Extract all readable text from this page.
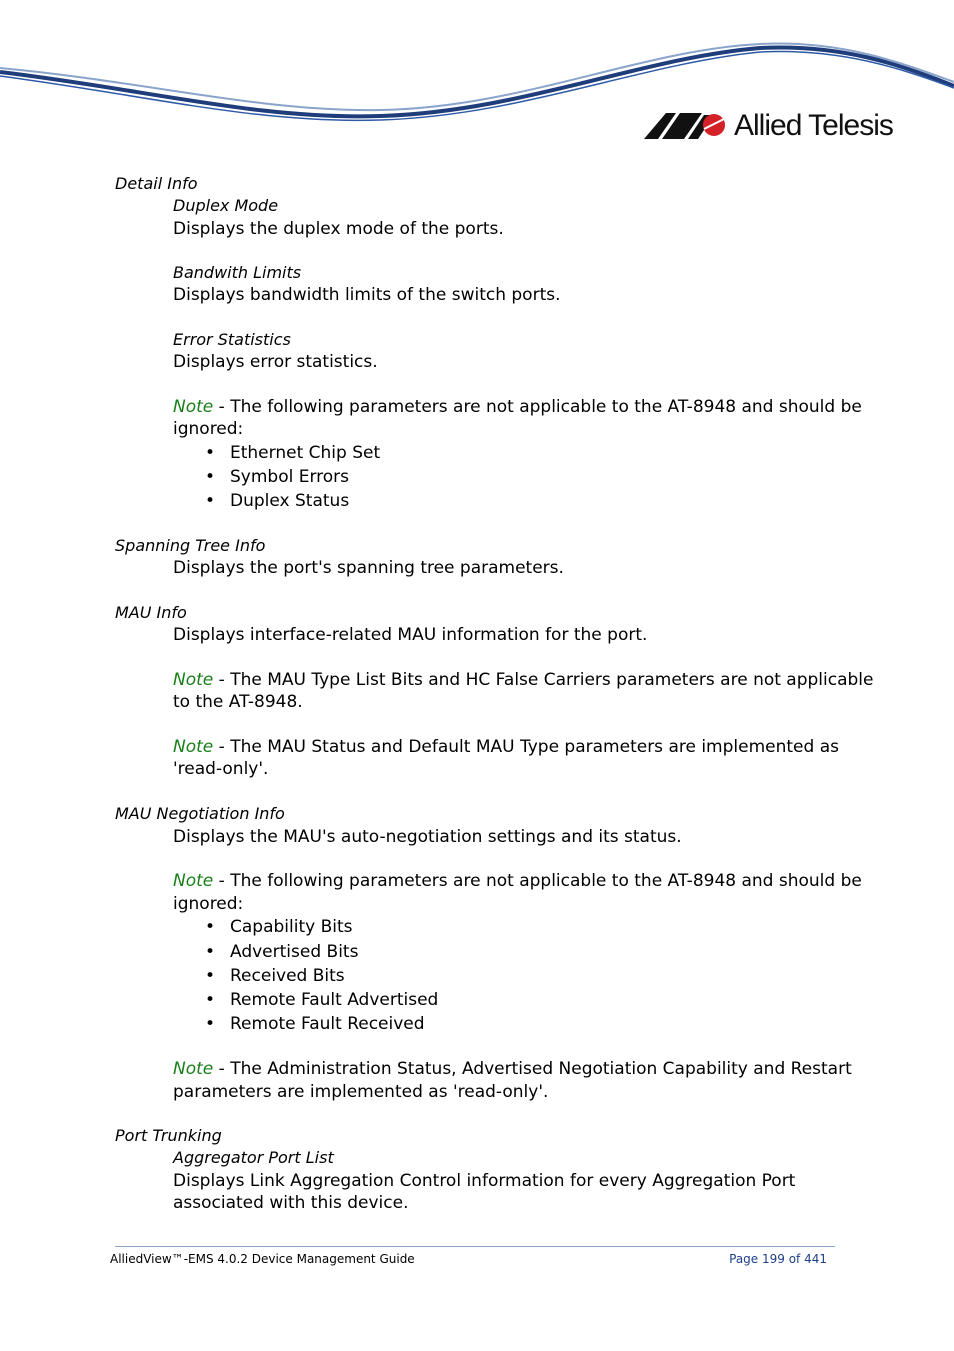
Allied Telesis
Detail Info
Duplex Mode
Displays the duplex mode of the ports.
Bandwith Limits
Displays bandwidth limits of the switch ports.
Error Statistics
Displays error statistics.
Note - The following parameters are not applicable to the AT-8948 and should be
ignored:
• Ethernet Chip Set
• Symbol Errors
• Duplex Status
Spanning Tree Info
Displays the port's spanning tree parameters.
MAU Info
Displays interface-related MAU information for the port.
Note - The MAU Type List Bits and HC False Carriers parameters are not applicable
to the AT-8948.
Note - The MAU Status and Default MAU Type parameters are implemented as
'read-only'.
MAU Negotiation Info
Displays the MAU's auto-negotiation settings and its status.
Note - The following parameters are not applicable to the AT-8948 and should be
ignored:
• Capability Bits
• Advertised Bits
• Received Bits
• Remote Fault Advertised
• Remote Fault Received
Note - The Administration Status, Advertised Negotiation Capability and Restart
parameters are implemented as 'read-only'.
Port Trunking
Aggregator Port List
Displays Link Aggregation Control information for every Aggregation Port
associated with this device.
AlliedView™-EMS 4.0.2 Device Management Guide	Page 199 of 441
